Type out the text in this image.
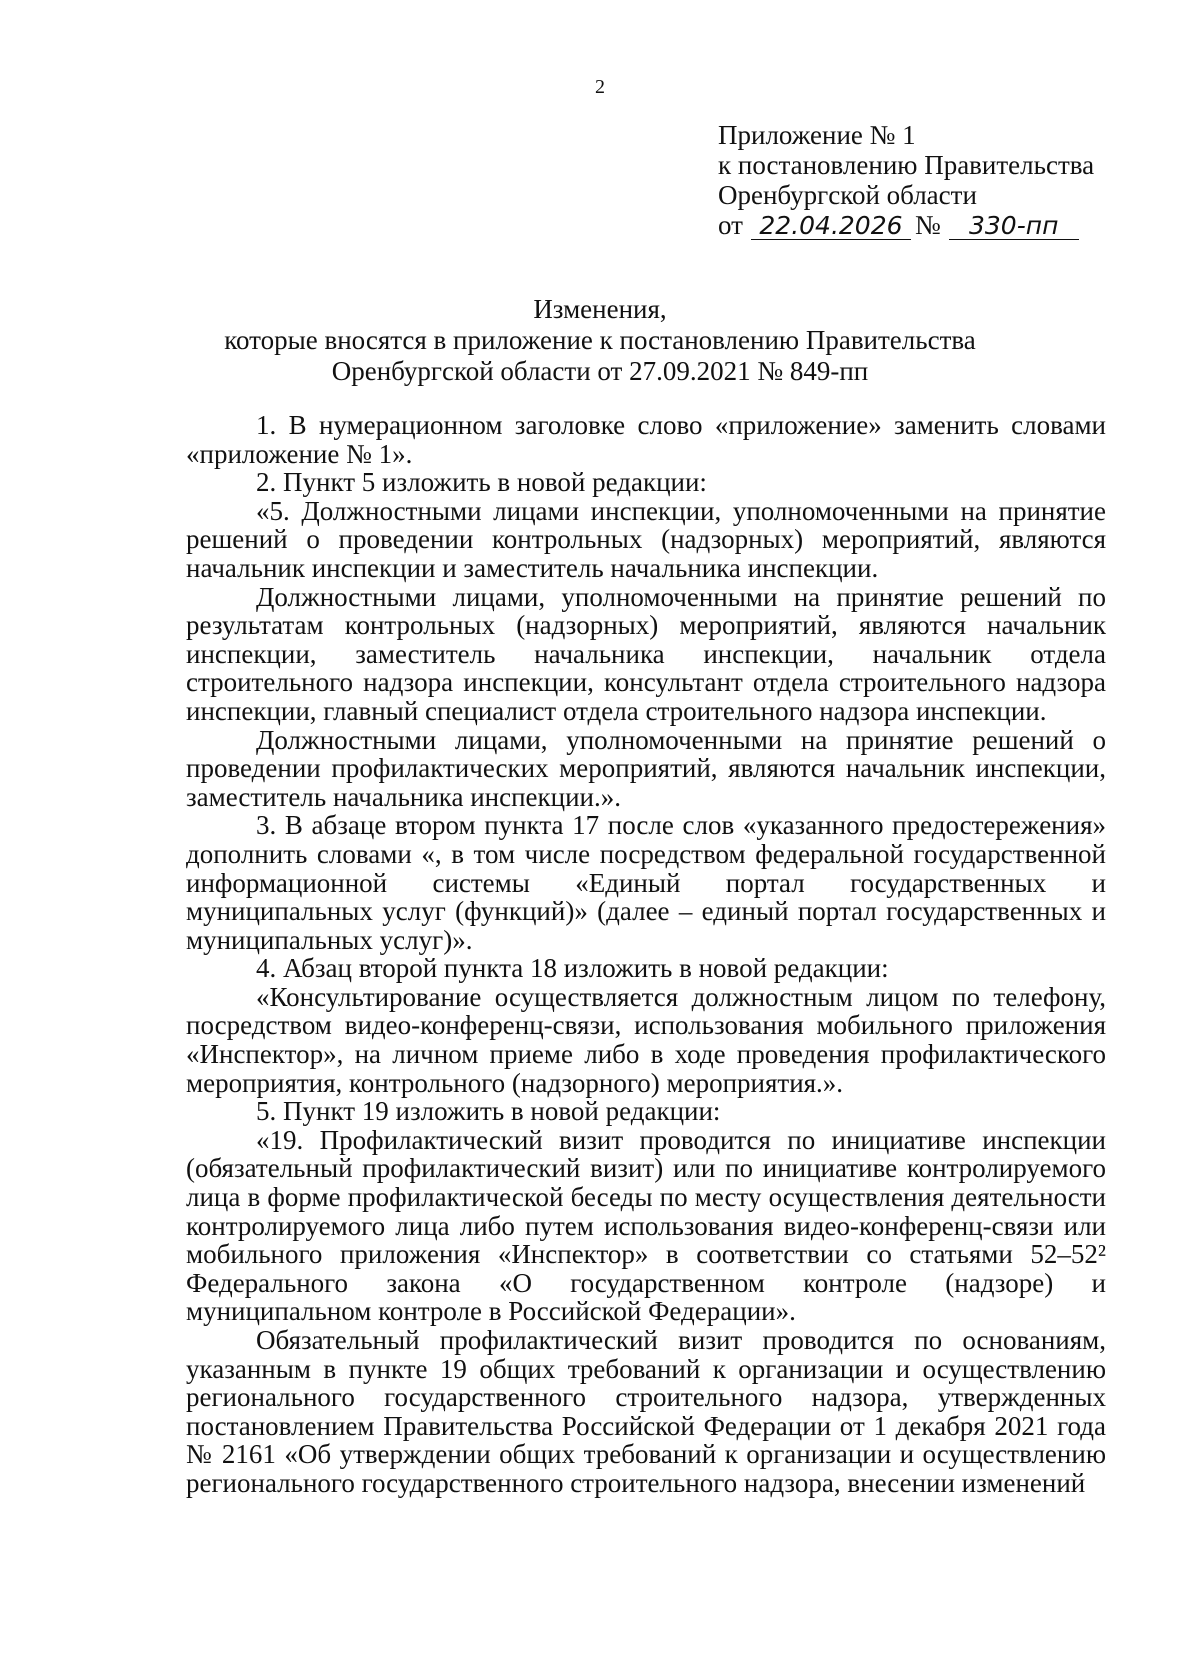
2
Приложение № 1
к постановлению Правительства
Оренбургской области
от 22.04.2026 № 330-пп
Изменения,
которые вносятся в приложение к постановлению Правительства
Оренбургской области от 27.09.2021 № 849-пп

1. В нумерационном заголовке слово «приложение» заменить словами «приложение № 1».

2. Пункт 5 изложить в новой редакции:

«5. Должностными лицами инспекции, уполномоченными на принятие решений о проведении контрольных (надзорных) мероприятий, являются начальник инспекции и заместитель начальника инспекции.

Должностными лицами, уполномоченными на принятие решений по результатам контрольных (надзорных) мероприятий, являются начальник инспекции, заместитель начальника инспекции, начальник отдела строительного надзора инспекции, консультант отдела строительного надзора инспекции, главный специалист отдела строительного надзора инспекции.

Должностными лицами, уполномоченными на принятие решений о проведении профилактических мероприятий, являются начальник инспекции, заместитель начальника инспекции.».

3. В абзаце втором пункта 17 после слов «указанного предостережения» дополнить словами «, в том числе посредством федеральной государственной информационной системы «Единый портал государственных и муниципальных услуг (функций)» (далее – единый портал государственных и муниципальных услуг)».

4. Абзац второй пункта 18 изложить в новой редакции:

«Консультирование осуществляется должностным лицом по телефону, посредством видео-конференц-связи, использования мобильного приложения «Инспектор», на личном приеме либо в ходе проведения профилактического мероприятия, контрольного (надзорного) мероприятия.».

5. Пункт 19 изложить в новой редакции:

«19. Профилактический визит проводится по инициативе инспекции (обязательный профилактический визит) или по инициативе контролируемого лица в форме профилактической беседы по месту осуществления деятельности контролируемого лица либо путем использования видео-конференц-связи или мобильного приложения «Инспектор» в соответствии со статьями 52–52² Федерального закона «О государственном контроле (надзоре) и муниципальном контроле в Российской Федерации».

Обязательный профилактический визит проводится по основаниям, указанным в пункте 19 общих требований к организации и осуществлению регионального государственного строительного надзора, утвержденных постановлением Правительства Российской Федерации от 1 декабря 2021 года № 2161 «Об утверждении общих требований к организации и осуществлению регионального государственного строительного надзора, внесении изменений
